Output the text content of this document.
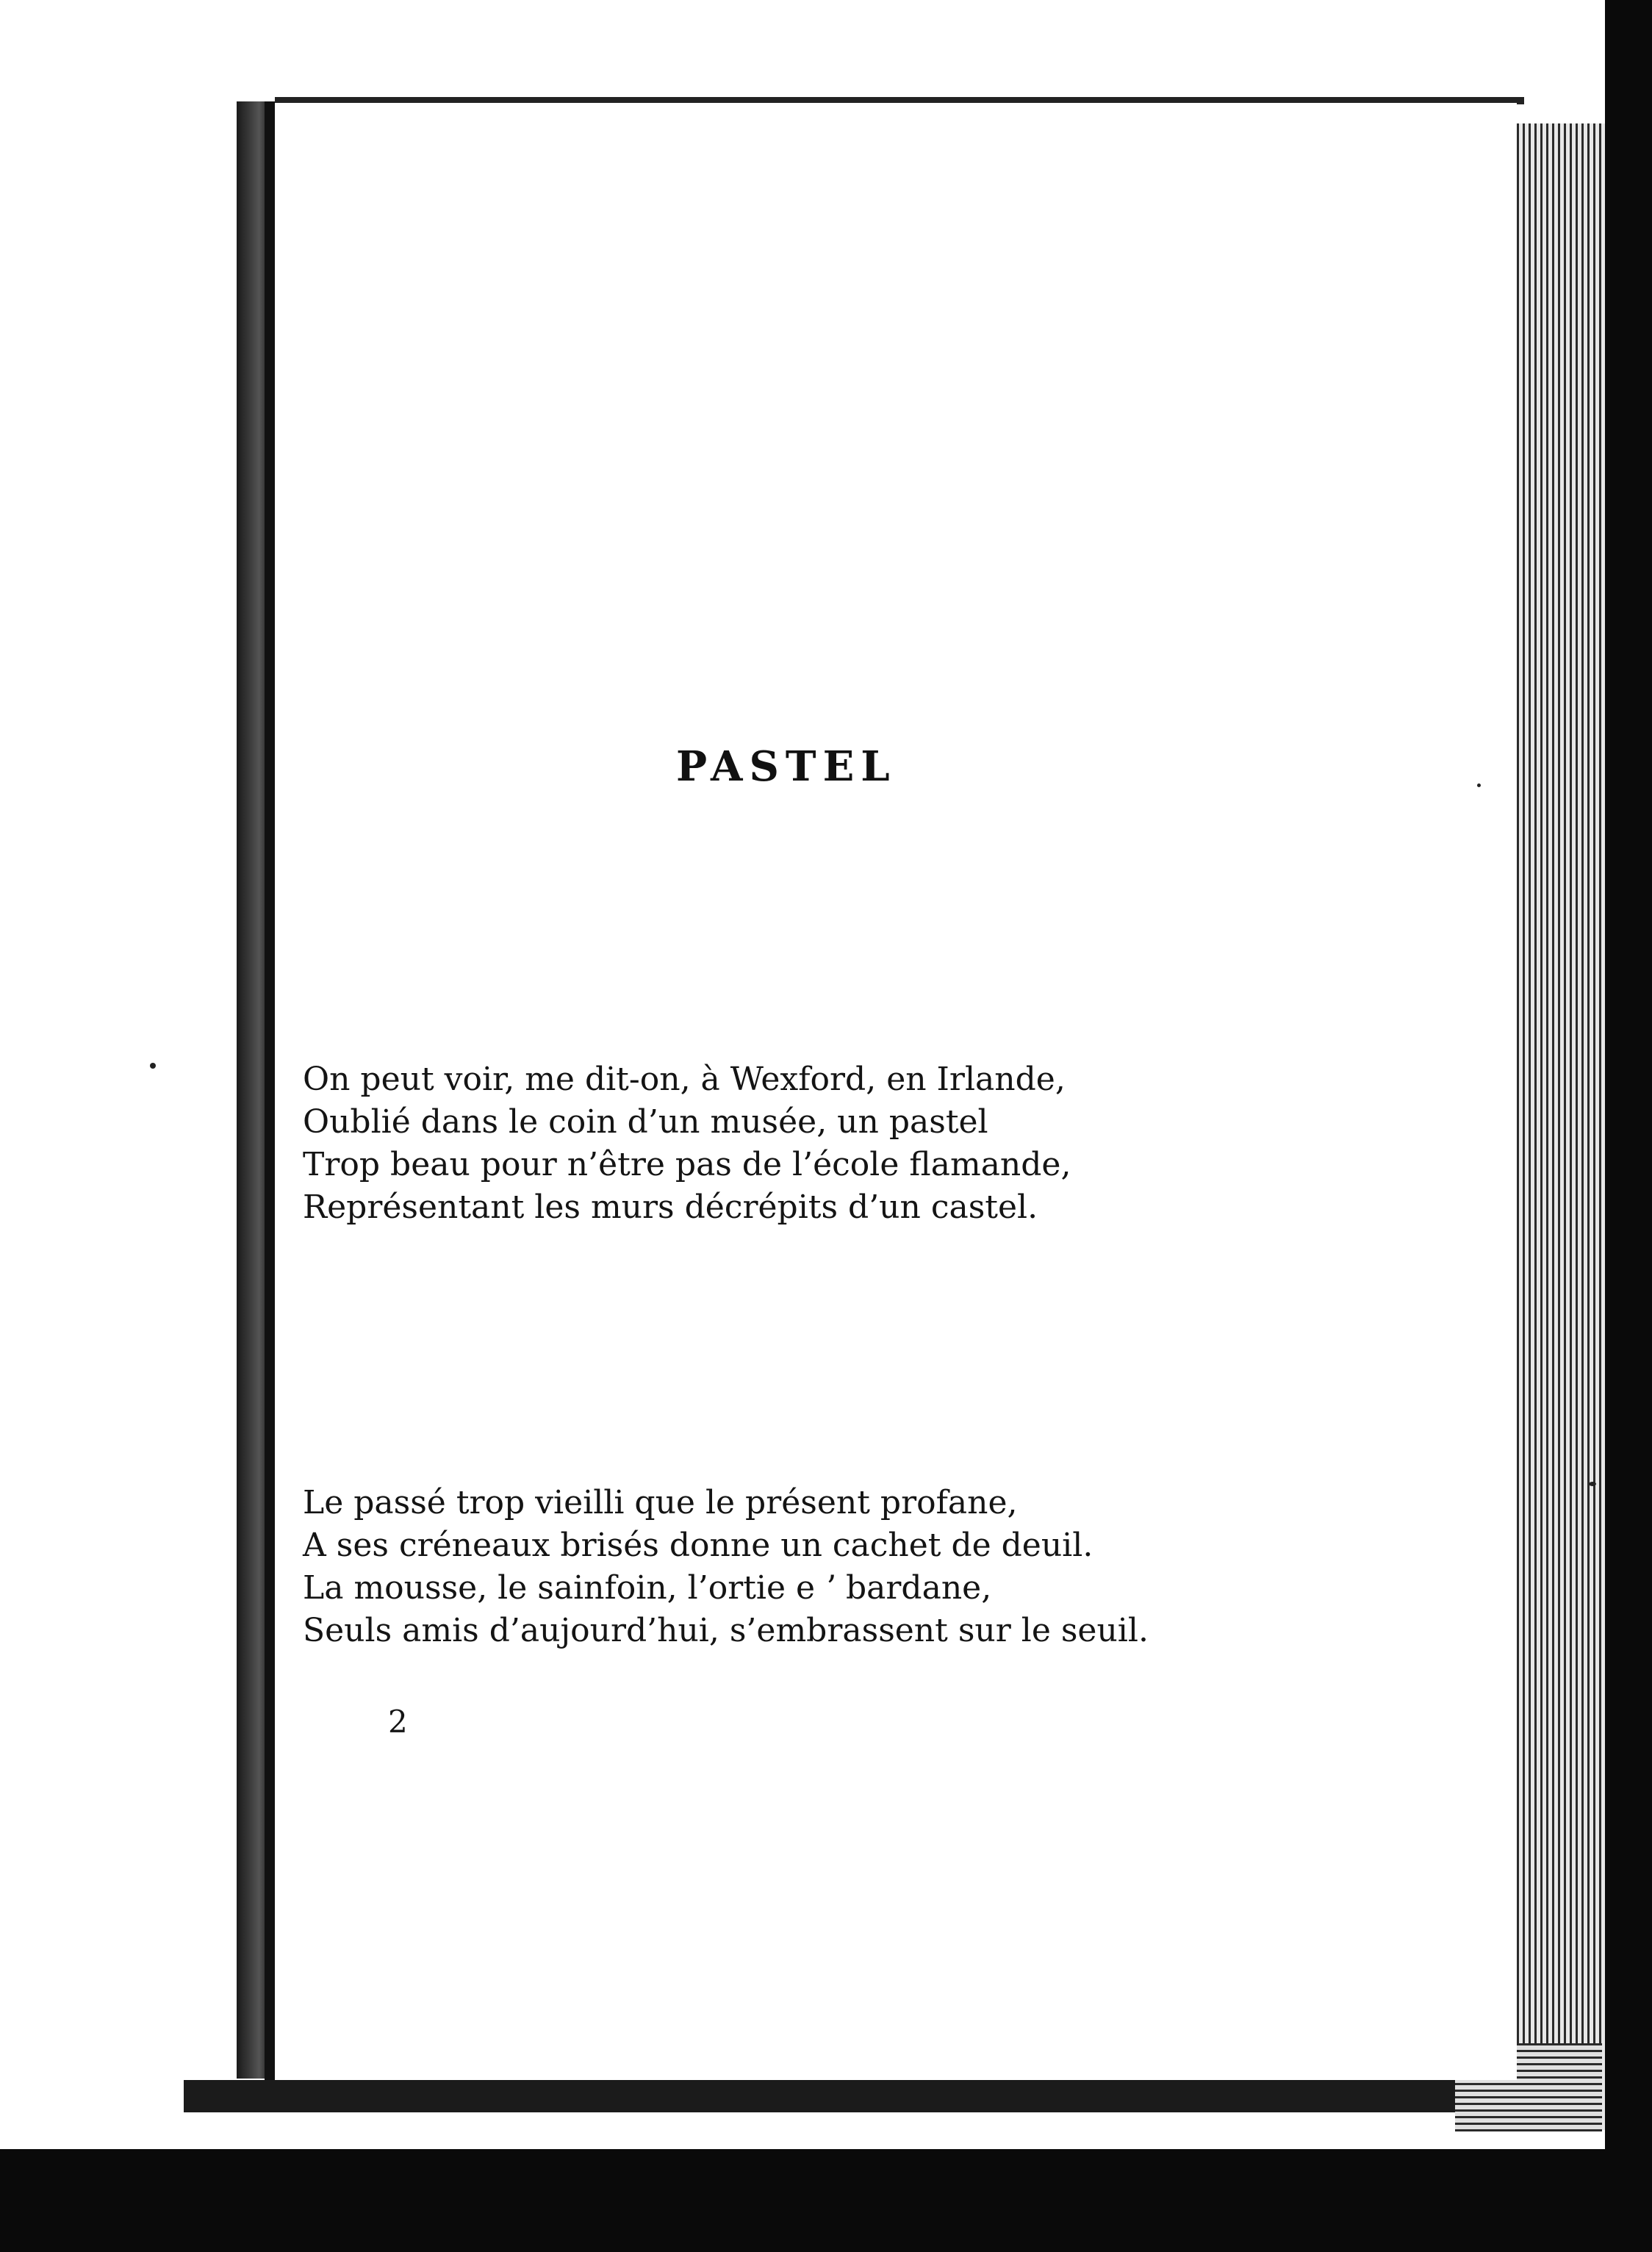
PASTEL
On peut voir, me dit-on, à Wexford, en Irlande,
Oublié dans le coin d’un musée, un pastel
Trop beau pour n’être pas de l’école flamande,
Représentant les murs décrépits d’un castel.
Le passé trop vieilli que le présent profane,
A ses créneaux brisés donne un cachet de deuil.
La mousse, le sainfoin, l’ortie e ʼ bardane,
Seuls amis d’aujourd’hui, s’embrassent sur le seuil.
2
